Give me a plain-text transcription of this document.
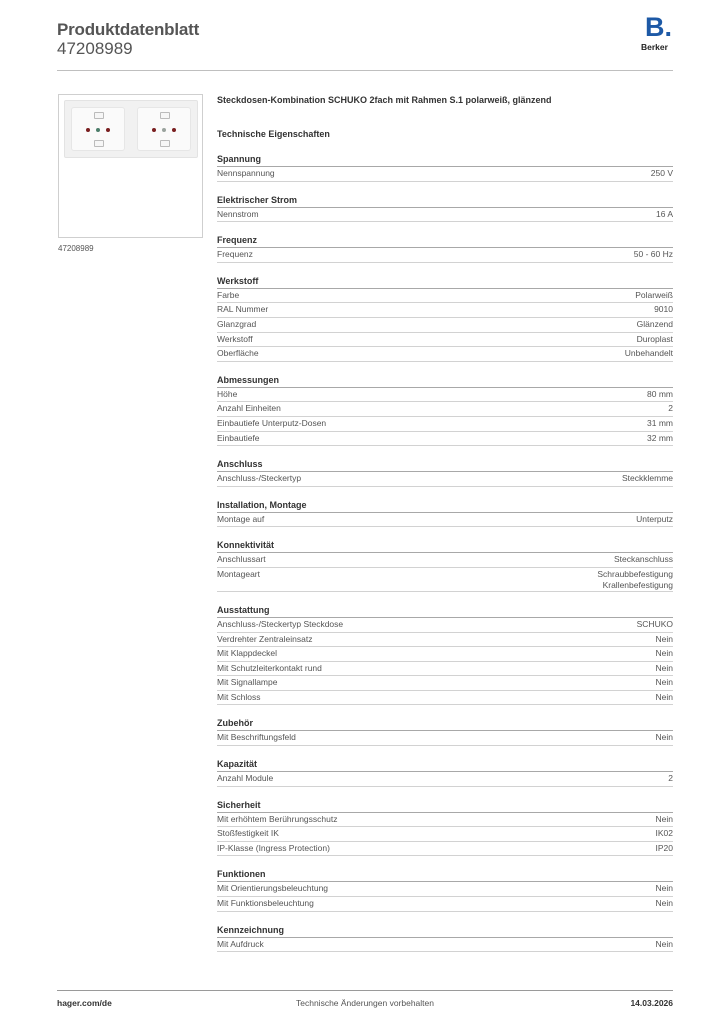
Produktdatenblatt
47208989
B.
Berker
47208989
Steckdosen-Kombination SCHUKO 2fach mit Rahmen S.1 polarweiß, glänzend
Technische Eigenschaften
Spannung
Nennspannung	250 V
Elektrischer Strom
Nennstrom	16 A
Frequenz
Frequenz	50 - 60 Hz
Werkstoff
Farbe	Polarweiß
RAL Nummer	9010
Glanzgrad	Glänzend
Werkstoff	Duroplast
Oberfläche	Unbehandelt
Abmessungen
Höhe	80 mm
Anzahl Einheiten	2
Einbautiefe Unterputz-Dosen	31 mm
Einbautiefe	32 mm
Anschluss
Anschluss-/Steckertyp	Steckklemme
Installation, Montage
Montage auf	Unterputz
Konnektivität
Anschlussart	Steckanschluss
Montageart	Schraubbefestigung
Krallenbefestigung
Ausstattung
Anschluss-/Steckertyp Steckdose	SCHUKO
Verdrehter Zentraleinsatz	Nein
Mit Klappdeckel	Nein
Mit Schutzleiterkontakt rund	Nein
Mit Signallampe	Nein
Mit Schloss	Nein
Zubehör
Mit Beschriftungsfeld	Nein
Kapazität
Anzahl Module	2
Sicherheit
Mit erhöhtem Berührungsschutz	Nein
Stoßfestigkeit IK	IK02
IP-Klasse (Ingress Protection)	IP20
Funktionen
Mit Orientierungsbeleuchtung	Nein
Mit Funktionsbeleuchtung	Nein
Kennzeichnung
Mit Aufdruck	Nein
hager.com/de	Technische Änderungen vorbehalten	14.03.2026
